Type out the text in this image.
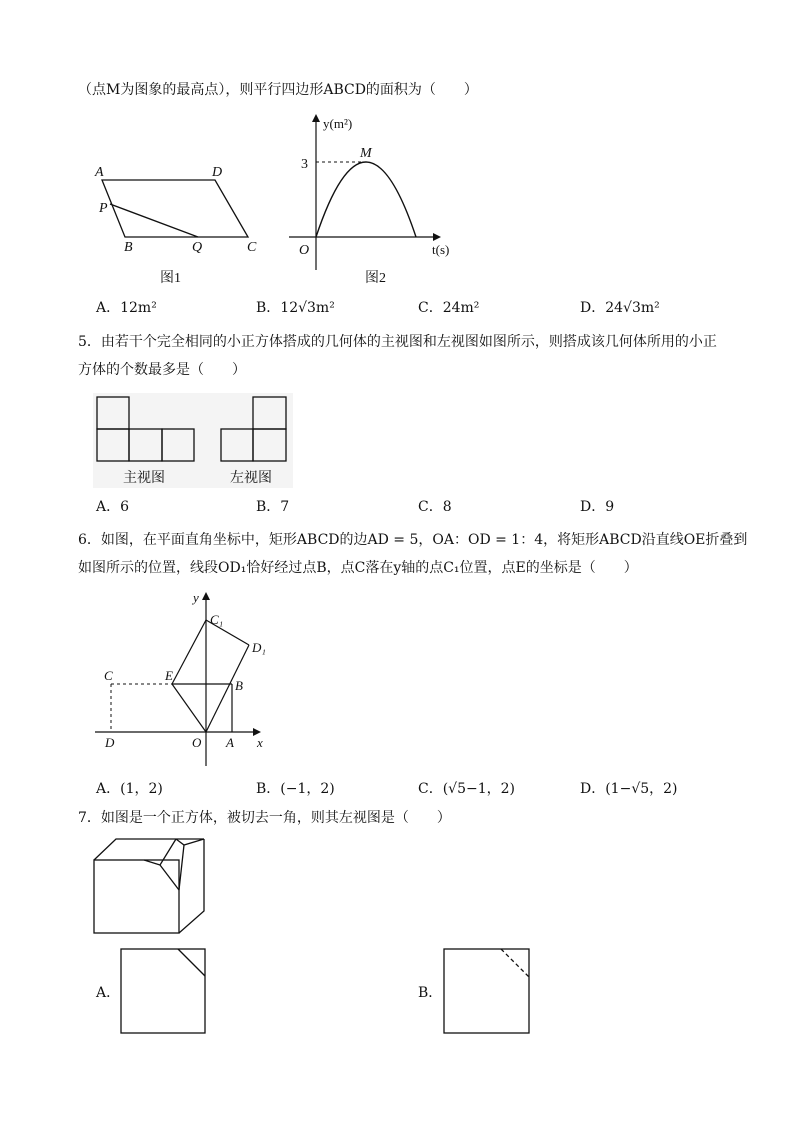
（点M为图象的最高点），则平行四边形ABCD的面积为（　　）
A	D
P
B	Q	C
图1
y(m²)
3
M
O	t(s)
图2
A．12m²	B．12√3m²	C．24m²	D．24√3m²
5．由若干个完全相同的小正方体搭成的几何体的主视图和左视图如图所示，则搭成该几何体所用的小正
方体的个数最多是（　　）
主视图	左视图
A．6	B．7	C．8	D．9
6．如图，在平面直角坐标中，矩形ABCD的边AD = 5，OA：OD = 1：4，将矩形ABCD沿直线OE折叠到
如图所示的位置，线段OD₁恰好经过点B，点C落在y轴的点C₁位置，点E的坐标是（　　）
y
C₁
D₁
C	E
B
D	O A x
A．(1，2)	B．(−1，2)	C．(√5−1，2)	D．(1−√5，2)
7．如图是一个正方体，被切去一角，则其左视图是（　　）
A．	B．
